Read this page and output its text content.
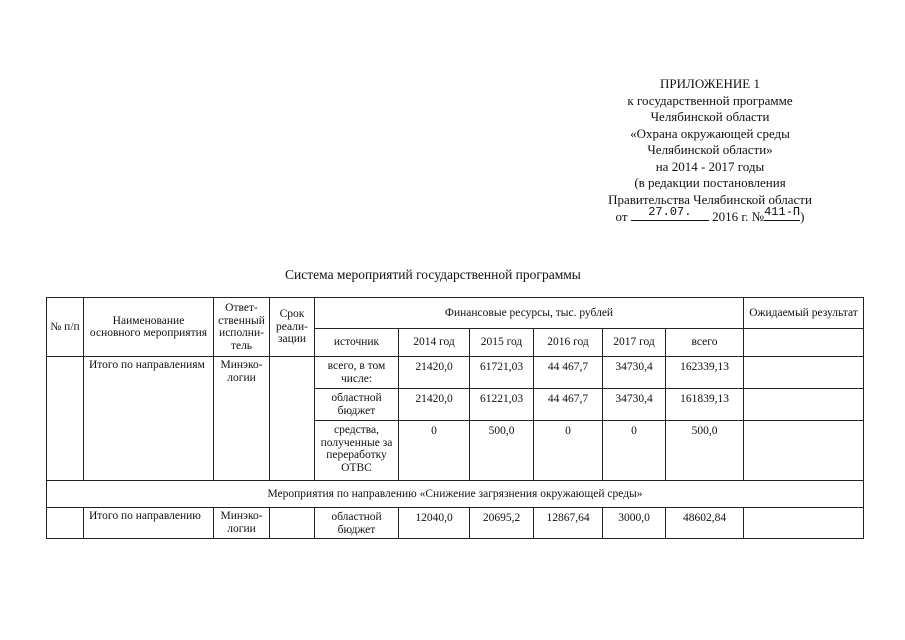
ПРИЛОЖЕНИЕ 1
к государственной программе
Челябинской области
«Охрана окружающей среды
Челябинской области»
на 2014 - 2017 годы
(в редакции постановления
Правительства Челябинской области
от	27.07.	2016 г. № 411-П )
Система мероприятий государственной программы
№ п/п	Наименование основного мероприятия	Ответ-ственный исполни-тель	Срок реали-зации	Финансовые ресурсы, тыс. рублей						Ожидаемый результат
				источник	2014 год	2015 год	2016 год	2017 год	всего	
	Итого по направлениям	Минэко-логии		всего, в том числе:	21420,0	61721,03	44 467,7	34730,4	162339,13	
				областной бюджет	21420,0	61221,03	44 467,7	34730,4	161839,13	
				средства, полученные за переработку ОТВС	0	500,0	0	0	500,0	
Мероприятия по направлению «Снижение загрязнения окружающей среды»										
	Итого по направлению	Минэко-логии		областной бюджет	12040,0	20695,2	12867,64	3000,0	48602,84	
